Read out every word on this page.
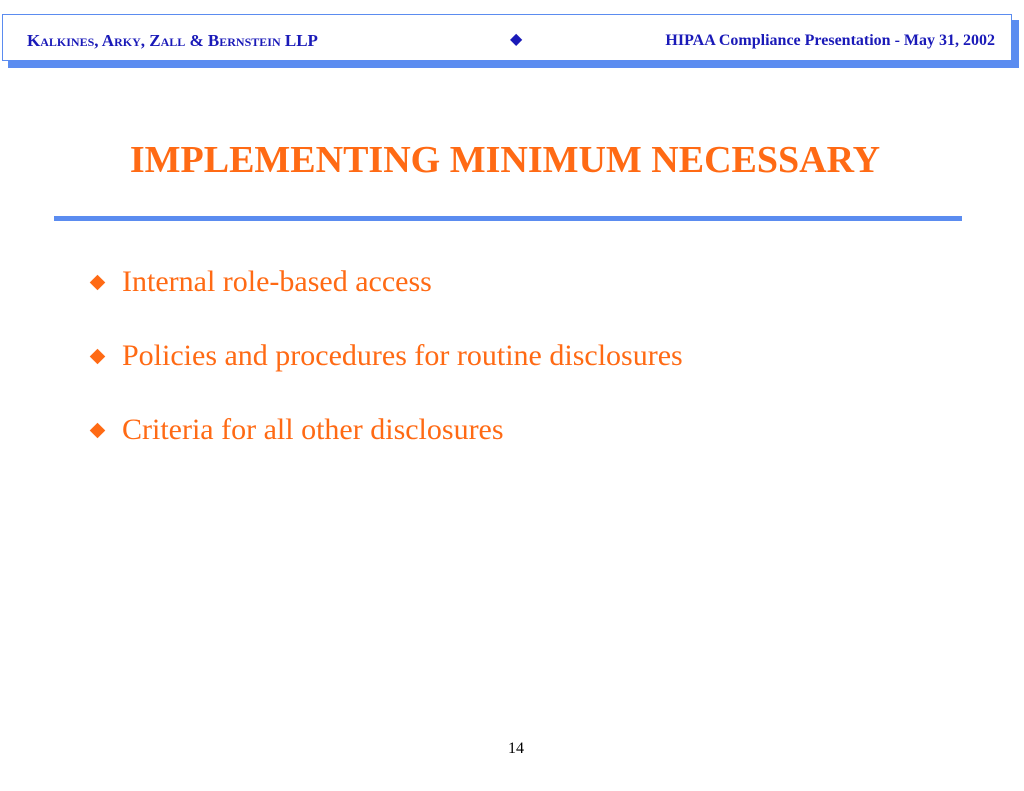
Kalkines, Arky, Zall & Bernstein LLP	◆	HIPAA Compliance Presentation - May 31, 2002
IMPLEMENTING MINIMUM NECESSARY
Internal role-based access
Policies and procedures for routine disclosures
Criteria for all other disclosures
14
